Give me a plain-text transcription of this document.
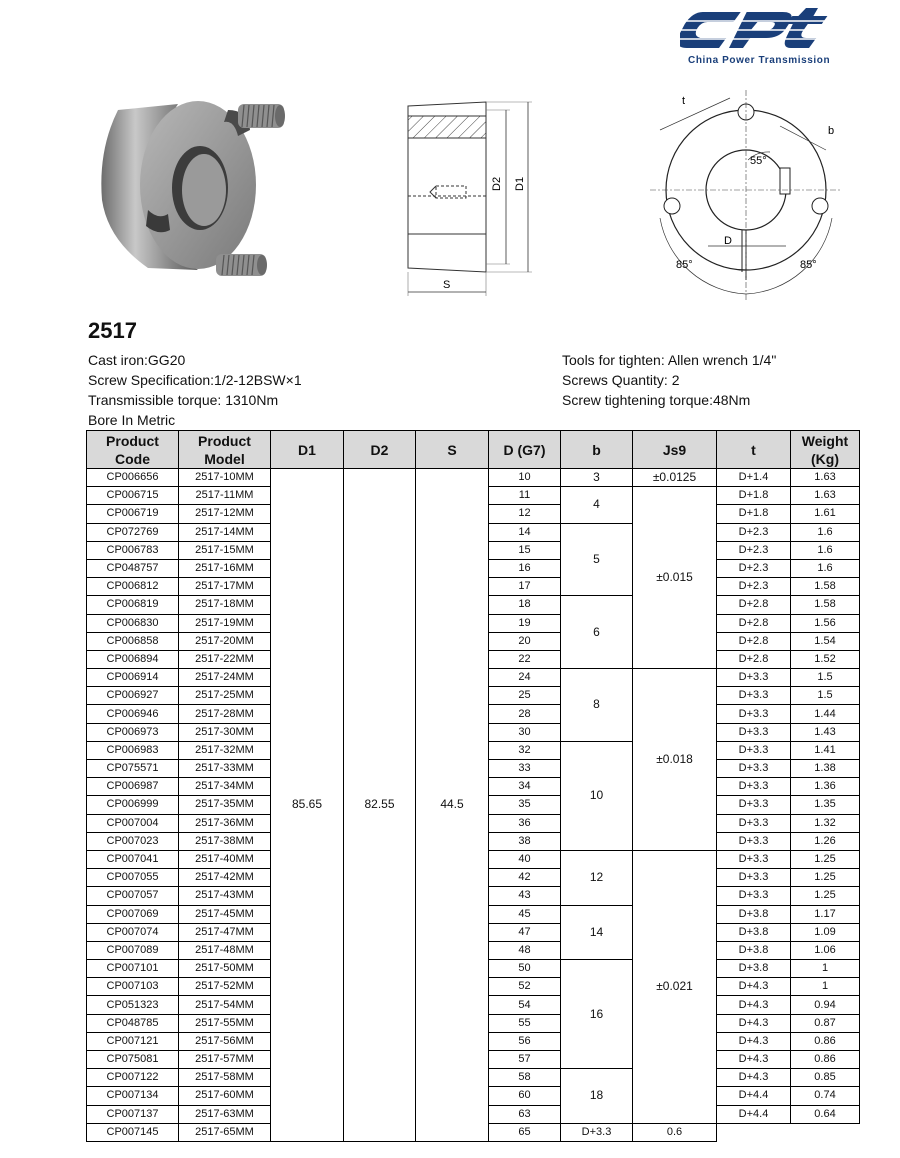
China Power Transmission
D2 D1
S
t
b
55°
D
85°	85°
2517
Cast iron:GG20
Screw Specification:1/2-12BSW×1
Transmissible torque: 1310Nm
Bore In Metric
Tools for tighten: Allen wrench 1/4"
Screws Quantity: 2
Screw tightening torque:48Nm
Product Code	Product Model	D1	D2	S	D (G7)	b	Js9	t	Weight (Kg)
CP006656	2517-10MM	85.65	82.55	44.5	10	3	±0.0125	D+1.4	1.63
CP006715	2517-11MM				11	4	±0.015	D+1.8	1.63
CP006719	2517-12MM				12			D+1.8	1.61
CP072769	2517-14MM				14	5		D+2.3	1.6
CP006783	2517-15MM				15			D+2.3	1.6
CP048757	2517-16MM				16			D+2.3	1.6
CP006812	2517-17MM				17			D+2.3	1.58
CP006819	2517-18MM				18	6		D+2.8	1.58
CP006830	2517-19MM				19			D+2.8	1.56
CP006858	2517-20MM				20			D+2.8	1.54
CP006894	2517-22MM				22			D+2.8	1.52
CP006914	2517-24MM				24	8	±0.018	D+3.3	1.5
CP006927	2517-25MM				25			D+3.3	1.5
CP006946	2517-28MM				28			D+3.3	1.44
CP006973	2517-30MM				30			D+3.3	1.43
CP006983	2517-32MM				32	10		D+3.3	1.41
CP075571	2517-33MM				33			D+3.3	1.38
CP006987	2517-34MM				34			D+3.3	1.36
CP006999	2517-35MM				35			D+3.3	1.35
CP007004	2517-36MM				36			D+3.3	1.32
CP007023	2517-38MM				38			D+3.3	1.26
CP007041	2517-40MM				40	12	±0.021	D+3.3	1.25
CP007055	2517-42MM				42			D+3.3	1.25
CP007057	2517-43MM				43			D+3.3	1.25
CP007069	2517-45MM				45	14		D+3.8	1.17
CP007074	2517-47MM				47			D+3.8	1.09
CP007089	2517-48MM				48			D+3.8	1.06
CP007101	2517-50MM				50	16		D+3.8	1
CP007103	2517-52MM				52			D+4.3	1
CP051323	2517-54MM				54			D+4.3	0.94
CP048785	2517-55MM				55			D+4.3	0.87
CP007121	2517-56MM				56			D+4.3	0.86
CP075081	2517-57MM				57			D+4.3	0.86
CP007122	2517-58MM				58	18		D+4.3	0.85
CP007134	2517-60MM				60			D+4.4	0.74
CP007137	2517-63MM				63			D+4.4	0.64
CP007145	2517-65MM				65	D+3.3	0.6		
